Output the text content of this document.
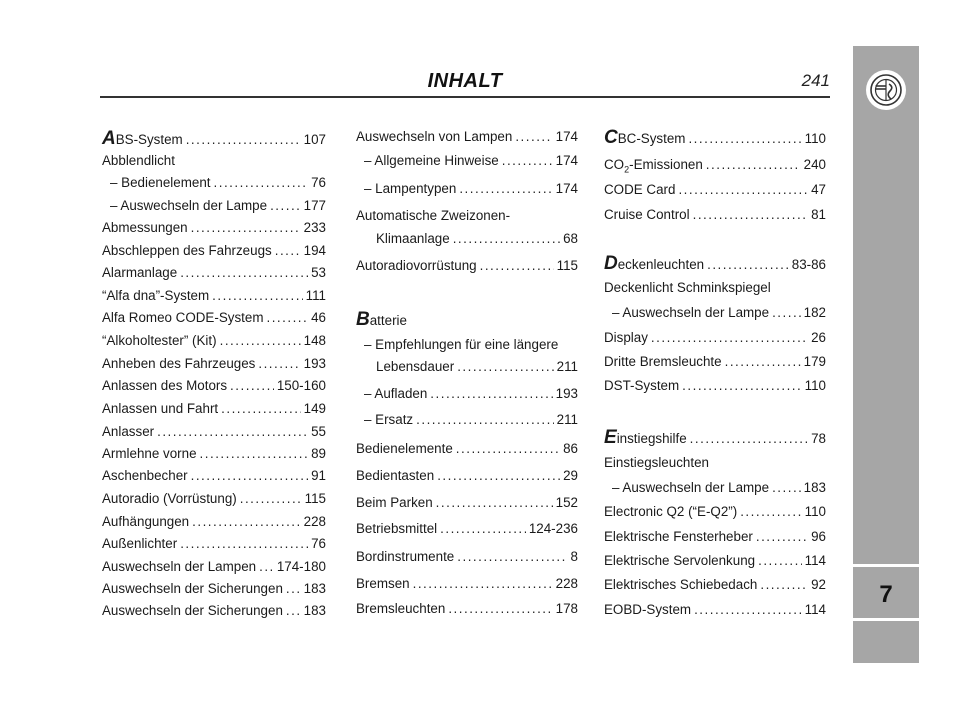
INHALT	241
ABS-System .....	107
Abblendlicht
– Bedienelement .....	76
– Auswechseln der Lampe .....	177
Abmessungen .....	233
Abschleppen des Fahrzeugs ..... 194
Alarmanlage .....	53
“Alfa dna”-System .....	111
Alfa Romeo CODE-System .....	46
“Alkoholtester” (Kit) .....	148
Anheben des Fahrzeuges .....	193
Anlassen des Motors .....	150-160
Anlassen und Fahrt .....	149
Anlasser .....	55
Armlehne vorne .....	89
Aschenbecher .....	91
Autoradio (Vorrüstung) .....	115
Aufhängungen .....	228
Außenlichter .....	76
Auswechseln der Lampen ..... 174-180
Auswechseln der Sicherungen ..... 183
Auswechseln der Sicherungen ..... 183
Auswechseln von Lampen .....	174
– Allgemeine Hinweise .....	174
– Lampentypen .....	174
Automatische Zweizonen-
Klimaanlage .....	68
Autoradiovorrüstung .....	115
Batterie
– Empfehlungen für eine längere
Lebensdauer .....	211
– Aufladen .....	193
– Ersatz .....	211
Bedienelemente .....	86
Bedientasten .....	29
Beim Parken .....	152
Betriebsmittel .....	124-236
Bordinstrumente .....	8
Bremsen .....	228
Bremsleuchten .....	178
CBC-System .....	110
$CO_2$-Emissionen .....	240
CODE Card .....	47
Cruise Control .....	81
Deckenleuchten .....	83-86
Deckenlicht Schminkspiegel
– Auswechseln der Lampe .....	182
Display .....	26
Dritte Bremsleuchte .....	179
DST-System .....	110
Einstiegshilfe .....	78
Einstiegsleuchten
– Auswechseln der Lampe .....	183
Electronic Q2 (“E-Q2”) .....	110
Elektrische Fensterheber .....	96
Elektrische Servolenkung .....	114
Elektrisches Schiebedach .....	92
EOBD-System .....	114
7
